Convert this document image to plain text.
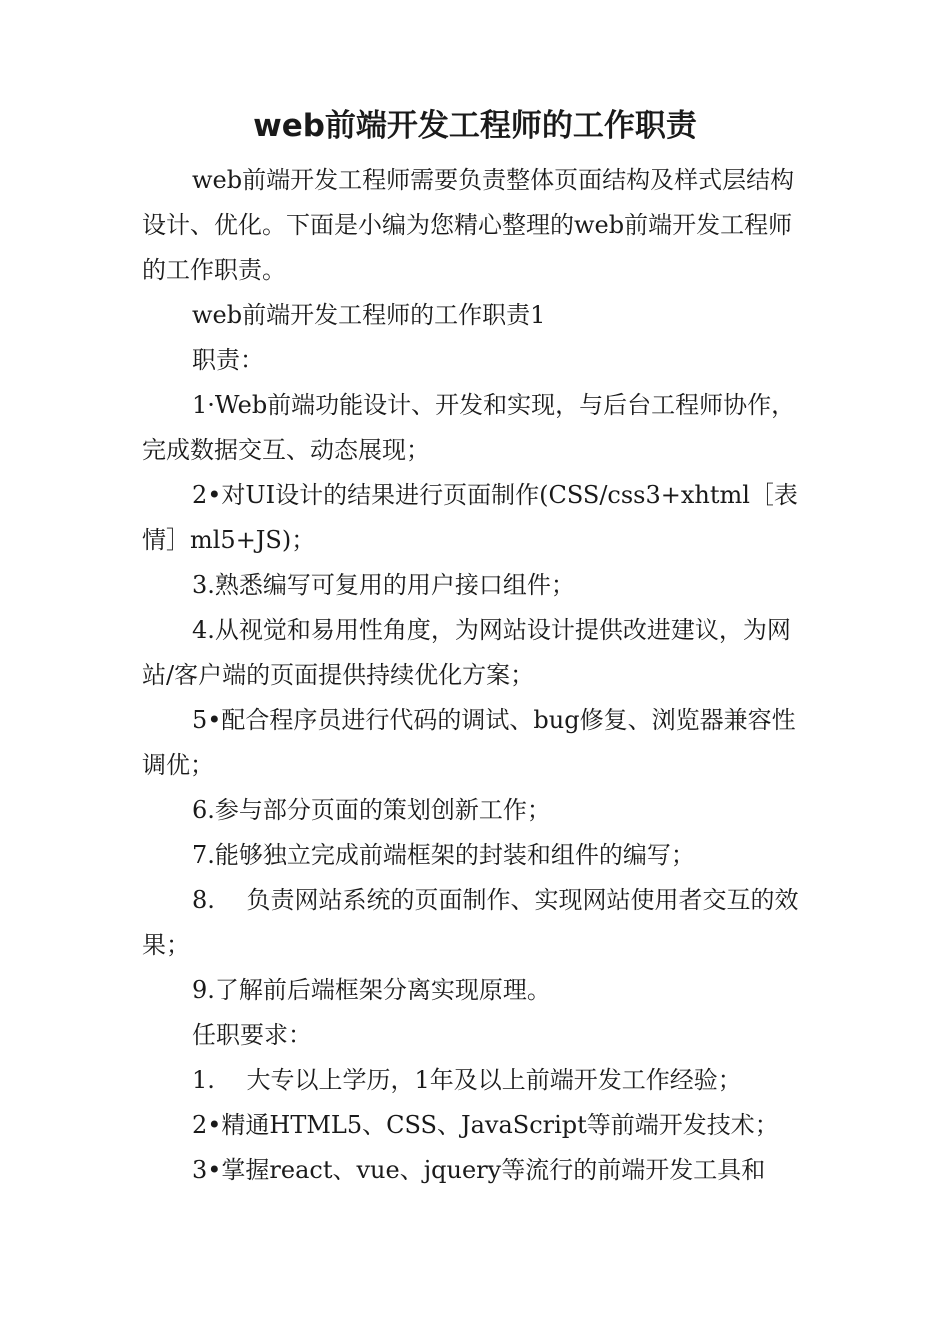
web前端开发工程师的工作职责

web前端开发工程师需要负责整体页面结构及样式层结构设计、优化。下面是小编为您精心整理的web前端开发工程师的工作职责。

web前端开发工程师的工作职责1

职责：

1·Web前端功能设计、开发和实现，与后台工程师协作，完成数据交互、动态展现；

2•对UI设计的结果进行页面制作(CSS/css3+xhtml［表情］ml5+JS)；

3.熟悉编写可复用的用户接口组件；

4.从视觉和易用性角度，为网站设计提供改进建议，为网站/客户端的页面提供持续优化方案；

5•配合程序员进行代码的调试、bug修复、浏览器兼容性调优；

6.参与部分页面的策划创新工作；

7.能够独立完成前端框架的封装和组件的编写；

8.　 负责网站系统的页面制作、实现网站使用者交互的效果；

9.了解前后端框架分离实现原理。

任职要求：

1.　 大专以上学历，1年及以上前端开发工作经验；

2•精通HTML5、CSS、JavaScript等前端开发技术；

3•掌握react、vue、jquery等流行的前端开发工具和
